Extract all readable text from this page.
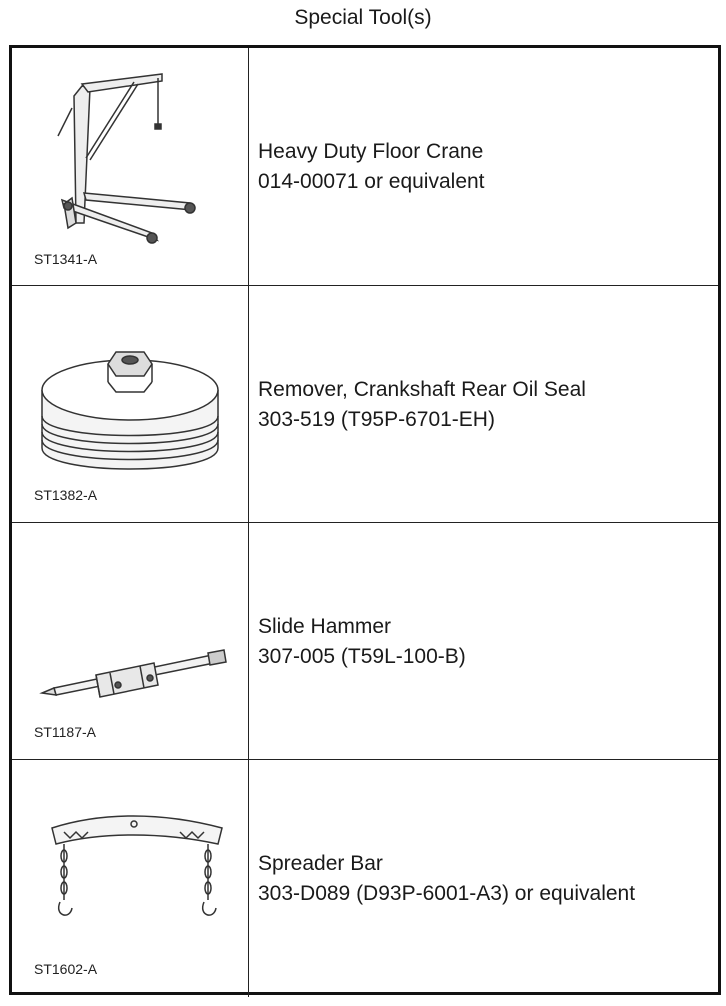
Special Tool(s)
ST1341-A
Heavy Duty Floor Crane
014-00071 or equivalent
ST1382-A
Remover, Crankshaft Rear Oil Seal
303-519 (T95P-6701-EH)
ST1187-A
Slide Hammer
307-005 (T59L-100-B)
ST1602-A
Spreader Bar
303-D089 (D93P-6001-A3) or equivalent
